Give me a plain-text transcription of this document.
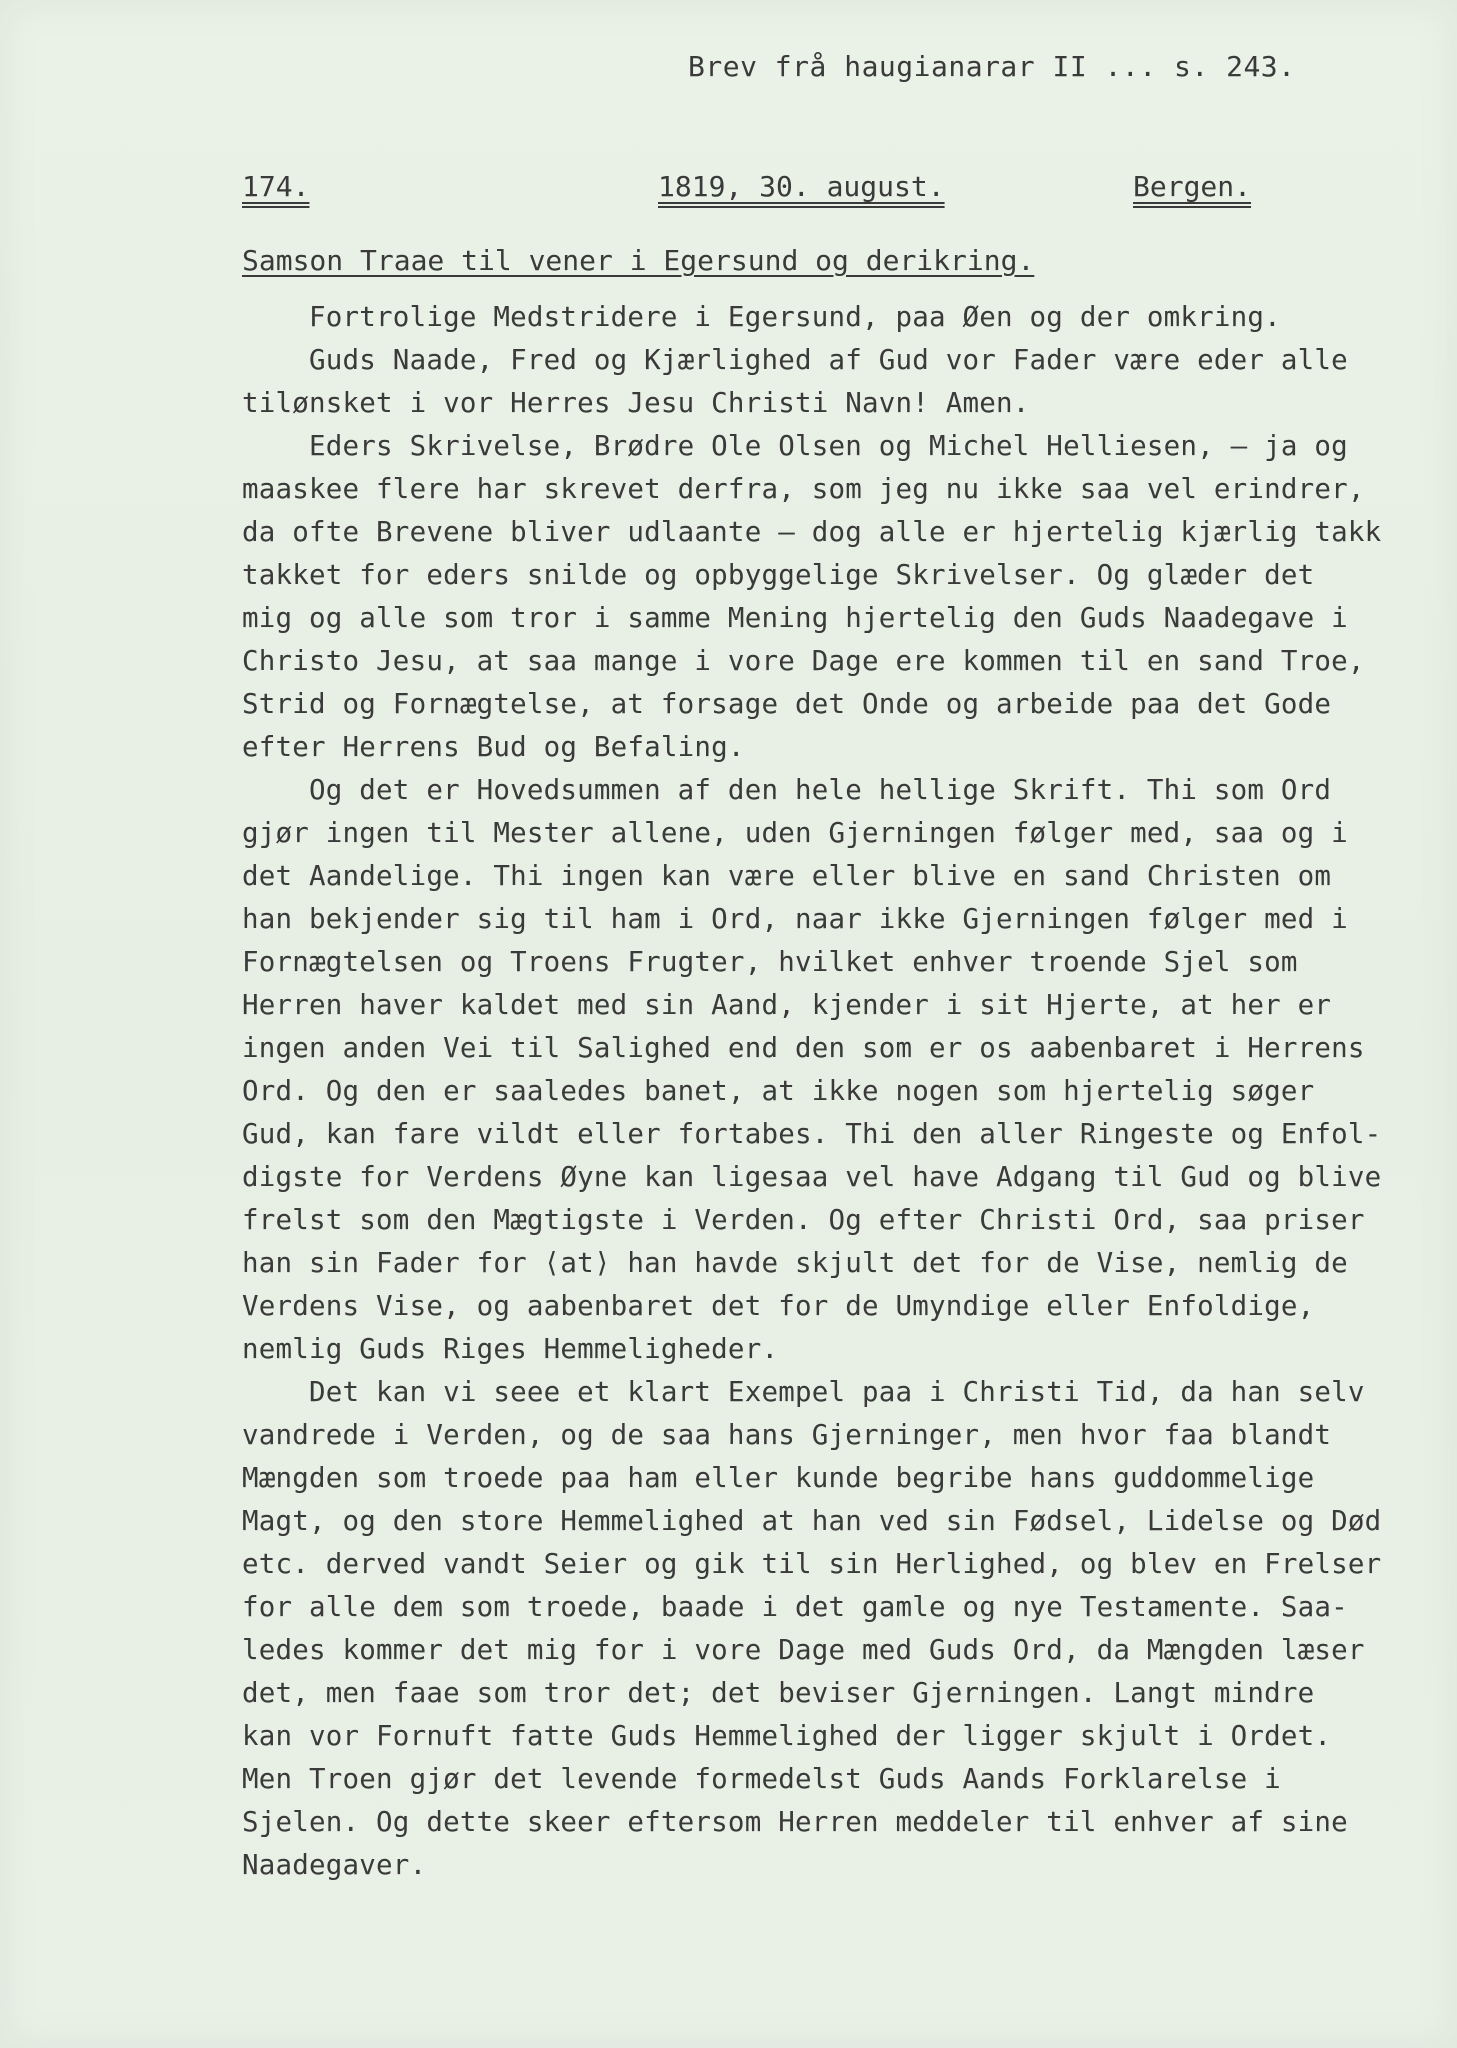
Brev frå haugianarar II ... s. 243.
174.	1819, 30. august.	Bergen.
Samson Traae til vener i Egersund og derikring.
Fortrolige Medstridere i Egersund, paa Øen og der omkring.
Guds Naade, Fred og Kjærlighed af Gud vor Fader være eder alle
tilønsket i vor Herres Jesu Christi Navn! Amen.
Eders Skrivelse, Brødre Ole Olsen og Michel Helliesen, — ja og
maaskee flere har skrevet derfra, som jeg nu ikke saa vel erindrer,
da ofte Brevene bliver udlaante — dog alle er hjertelig kjærlig takk
takket for eders snilde og opbyggelige Skrivelser. Og glæder det
mig og alle som tror i samme Mening hjertelig den Guds Naadegave i
Christo Jesu, at saa mange i vore Dage ere kommen til en sand Troe,
Strid og Fornægtelse, at forsage det Onde og arbeide paa det Gode
efter Herrens Bud og Befaling.
Og det er Hovedsummen af den hele hellige Skrift. Thi som Ord
gjør ingen til Mester allene, uden Gjerningen følger med, saa og i
det Aandelige. Thi ingen kan være eller blive en sand Christen om
han bekjender sig til ham i Ord, naar ikke Gjerningen følger med i
Fornægtelsen og Troens Frugter, hvilket enhver troende Sjel som
Herren haver kaldet med sin Aand, kjender i sit Hjerte, at her er
ingen anden Vei til Salighed end den som er os aabenbaret i Herrens
Ord. Og den er saaledes banet, at ikke nogen som hjertelig søger
Gud, kan fare vildt eller fortabes. Thi den aller Ringeste og Enfol-
digste for Verdens Øyne kan ligesaa vel have Adgang til Gud og blive
frelst som den Mægtigste i Verden. Og efter Christi Ord, saa priser
han sin Fader for ⟨at⟩ han havde skjult det for de Vise, nemlig de
Verdens Vise, og aabenbaret det for de Umyndige eller Enfoldige,
nemlig Guds Riges Hemmeligheder.
Det kan vi seee et klart Exempel paa i Christi Tid, da han selv
vandrede i Verden, og de saa hans Gjerninger, men hvor faa blandt
Mængden som troede paa ham eller kunde begribe hans guddommelige
Magt, og den store Hemmelighed at han ved sin Fødsel, Lidelse og Død
etc. derved vandt Seier og gik til sin Herlighed, og blev en Frelser
for alle dem som troede, baade i det gamle og nye Testamente. Saa-
ledes kommer det mig for i vore Dage med Guds Ord, da Mængden læser
det, men faae som tror det; det beviser Gjerningen. Langt mindre
kan vor Fornuft fatte Guds Hemmelighed der ligger skjult i Ordet.
Men Troen gjør det levende formedelst Guds Aands Forklarelse i
Sjelen. Og dette skeer eftersom Herren meddeler til enhver af sine
Naadegaver.
